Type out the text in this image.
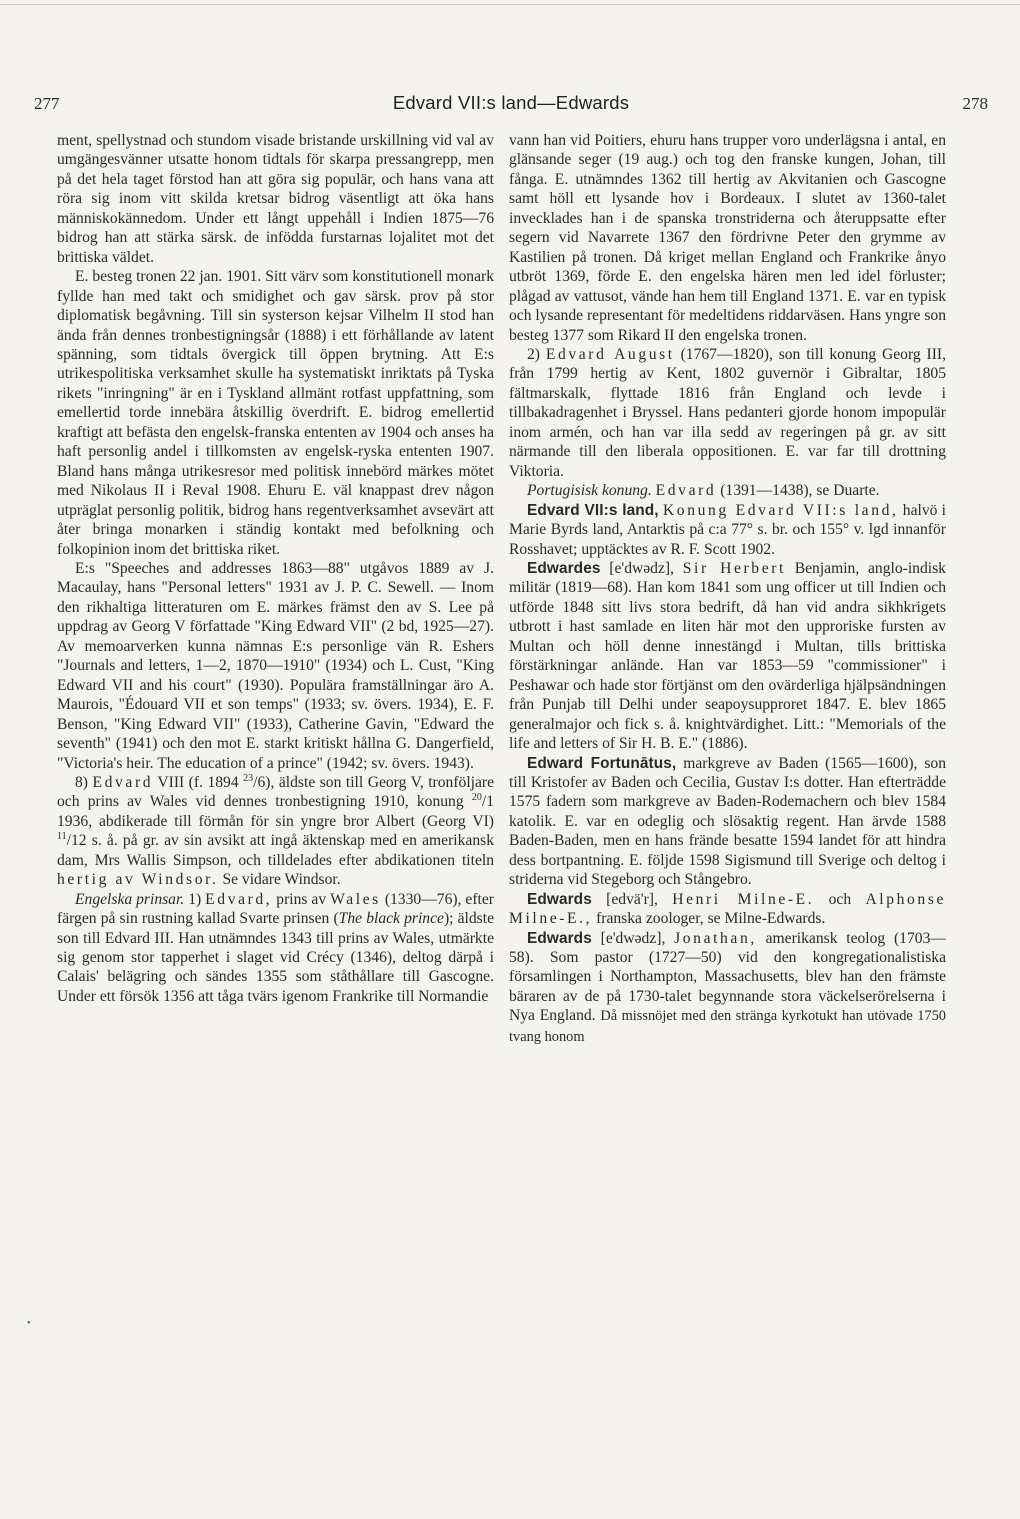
277	Edvard VII:s land—Edwards	278

ment, spellystnad och stundom visade bristande urskillning vid val av umgängesvänner utsatte honom tidtals för skarpa pressangrepp, men på det hela taget förstod han att göra sig populär, och hans vana att röra sig inom vitt skilda kretsar bidrog väsentligt att öka hans människokännedom. Under ett långt uppehåll i Indien 1875—76 bidrog han att stärka särsk. de infödda furstarnas lojalitet mot det brittiska väldet.

E. besteg tronen 22 jan. 1901. Sitt värv som konstitutionell monark fyllde han med takt och smidighet och gav särsk. prov på stor diplomatisk begåvning. Till sin systerson kejsar Vilhelm II stod han ända från dennes tronbestigningsår (1888) i ett förhållande av latent spänning, som tidtals övergick till öppen brytning. Att E:s utrikespolitiska verksamhet skulle ha systematiskt inriktats på Tyska rikets "inringning" är en i Tyskland allmänt rotfast uppfattning, som emellertid torde innebära åtskillig överdrift. E. bidrog emellertid kraftigt att befästa den engelsk-franska ententen av 1904 och anses ha haft personlig andel i tillkomsten av engelsk-ryska ententen 1907. Bland hans många utrikesresor med politisk innebörd märkes mötet med Nikolaus II i Reval 1908. Ehuru E. väl knappast drev någon utpräglat personlig politik, bidrog hans regentverksamhet avsevärt att åter bringa monarken i ständig kontakt med befolkning och folkopinion inom det brittiska riket.

E:s "Speeches and addresses 1863—88" utgåvos 1889 av J. Macaulay, hans "Personal letters" 1931 av J. P. C. Sewell. — Inom den rikhaltiga litteraturen om E. märkes främst den av S. Lee på uppdrag av Georg V författade "King Edward VII" (2 bd, 1925—27). Av memoarverken kunna nämnas E:s personlige vän R. Eshers "Journals and letters, 1—2, 1870—1910" (1934) och L. Cust, "King Edward VII and his court" (1930). Populära framställningar äro A. Maurois, "Édouard VII et son temps" (1933; sv. övers. 1934), E. F. Benson, "King Edward VII" (1933), Catherine Gavin, "Edward the seventh" (1941) och den mot E. starkt kritiskt hållna G. Dangerfield, "Victoria's heir. The education of a prince" (1942; sv. övers. 1943).

8) Edvard VIII (f. 1894 $^{23}$/6), äldste son till Georg V, tronföljare och prins av Wales vid dennes tronbestigning 1910, konung $^{20}$/1 1936, abdikerade till förmån för sin yngre bror Albert (Georg VI) $^{11}$/12 s. å. på gr. av sin avsikt att ingå äktenskap med en amerikansk dam, Mrs Wallis Simpson, och tilldelades efter abdikationen titeln hertig av Windsor. Se vidare Windsor.

Engelska prinsar. 1) Edvard, prins av Wales (1330—76), efter färgen på sin rustning kallad Svarte prinsen (The black prince); äldste son till Edvard III. Han utnämndes 1343 till prins av Wales, utmärkte sig genom stor tapperhet i slaget vid Crécy (1346), deltog därpå i Calais' belägring och sändes 1355 som ståthållare till Gascogne. Under ett försök 1356 att tåga tvärs igenom Frankrike till Normandie

•

vann han vid Poitiers, ehuru hans trupper voro underlägsna i antal, en glänsande seger (19 aug.) och tog den franske kungen, Johan, till fånga. E. utnämndes 1362 till hertig av Akvitanien och Gascogne samt höll ett lysande hov i Bordeaux. I slutet av 1360-talet invecklades han i de spanska tronstriderna och återuppsatte efter segern vid Navarrete 1367 den fördrivne Peter den grymme av Kastilien på tronen. Då kriget mellan England och Frankrike ånyo utbröt 1369, förde E. den engelska hären men led idel förluster; plågad av vattusot, vände han hem till England 1371. E. var en typisk och lysande representant för medeltidens riddarväsen. Hans yngre son besteg 1377 som Rikard II den engelska tronen.

2) Edvard August (1767—1820), son till konung Georg III, från 1799 hertig av Kent, 1802 guvernör i Gibraltar, 1805 fältmarskalk, flyttade 1816 från England och levde i tillbakadragenhet i Bryssel. Hans pedanteri gjorde honom impopulär inom armén, och han var illa sedd av regeringen på gr. av sitt närmande till den liberala oppositionen. E. var far till drottning Viktoria.

Portugisisk konung. Edvard (1391—1438), se Duarte.

Edvard VII:s land, Konung Edvard VII:s land, halvö i Marie Byrds land, Antarktis på c:a 77° s. br. och 155° v. lgd innanför Rosshavet; upptäcktes av R. F. Scott 1902.

Edwardes [e'dwədz], Sir Herbert Benjamin, anglo-indisk militär (1819—68). Han kom 1841 som ung officer ut till Indien och utförde 1848 sitt livs stora bedrift, då han vid andra sikhkrigets utbrott i hast samlade en liten här mot den upproriske fursten av Multan och höll denne innestängd i Multan, tills brittiska förstärkningar anlände. Han var 1853—59 "commissioner" i Peshawar och hade stor förtjänst om den ovärderliga hjälpsändningen från Punjab till Delhi under seapoysupproret 1847. E. blev 1865 generalmajor och fick s. å. knightvärdighet. Litt.: "Memorials of the life and letters of Sir H. B. E." (1886).

Edward Fortunātus, markgreve av Baden (1565—1600), son till Kristofer av Baden och Cecilia, Gustav I:s dotter. Han efterträdde 1575 fadern som markgreve av Baden-Rodemachern och blev 1584 katolik. E. var en odeglig och slösaktig regent. Han ärvde 1588 Baden-Baden, men en hans frände besatte 1594 landet för att hindra dess bortpantning. E. följde 1598 Sigismund till Sverige och deltog i striderna vid Stegeborg och Stångebro.

Edwards [edvä'r], Henri Milne-E. och Alphonse Milne-E., franska zoologer, se Milne-Edwards.

Edwards [e'dwədz], Jonathan, amerikansk teolog (1703—58). Som pastor (1727—50) vid den kongregationalistiska församlingen i Northampton, Massachusetts, blev han den främste bäraren av de på 1730-talet begynnande stora väckelserörelserna i Nya England. Då missnöjet med den stränga kyrkotukt han utövade 1750 tvang honom
